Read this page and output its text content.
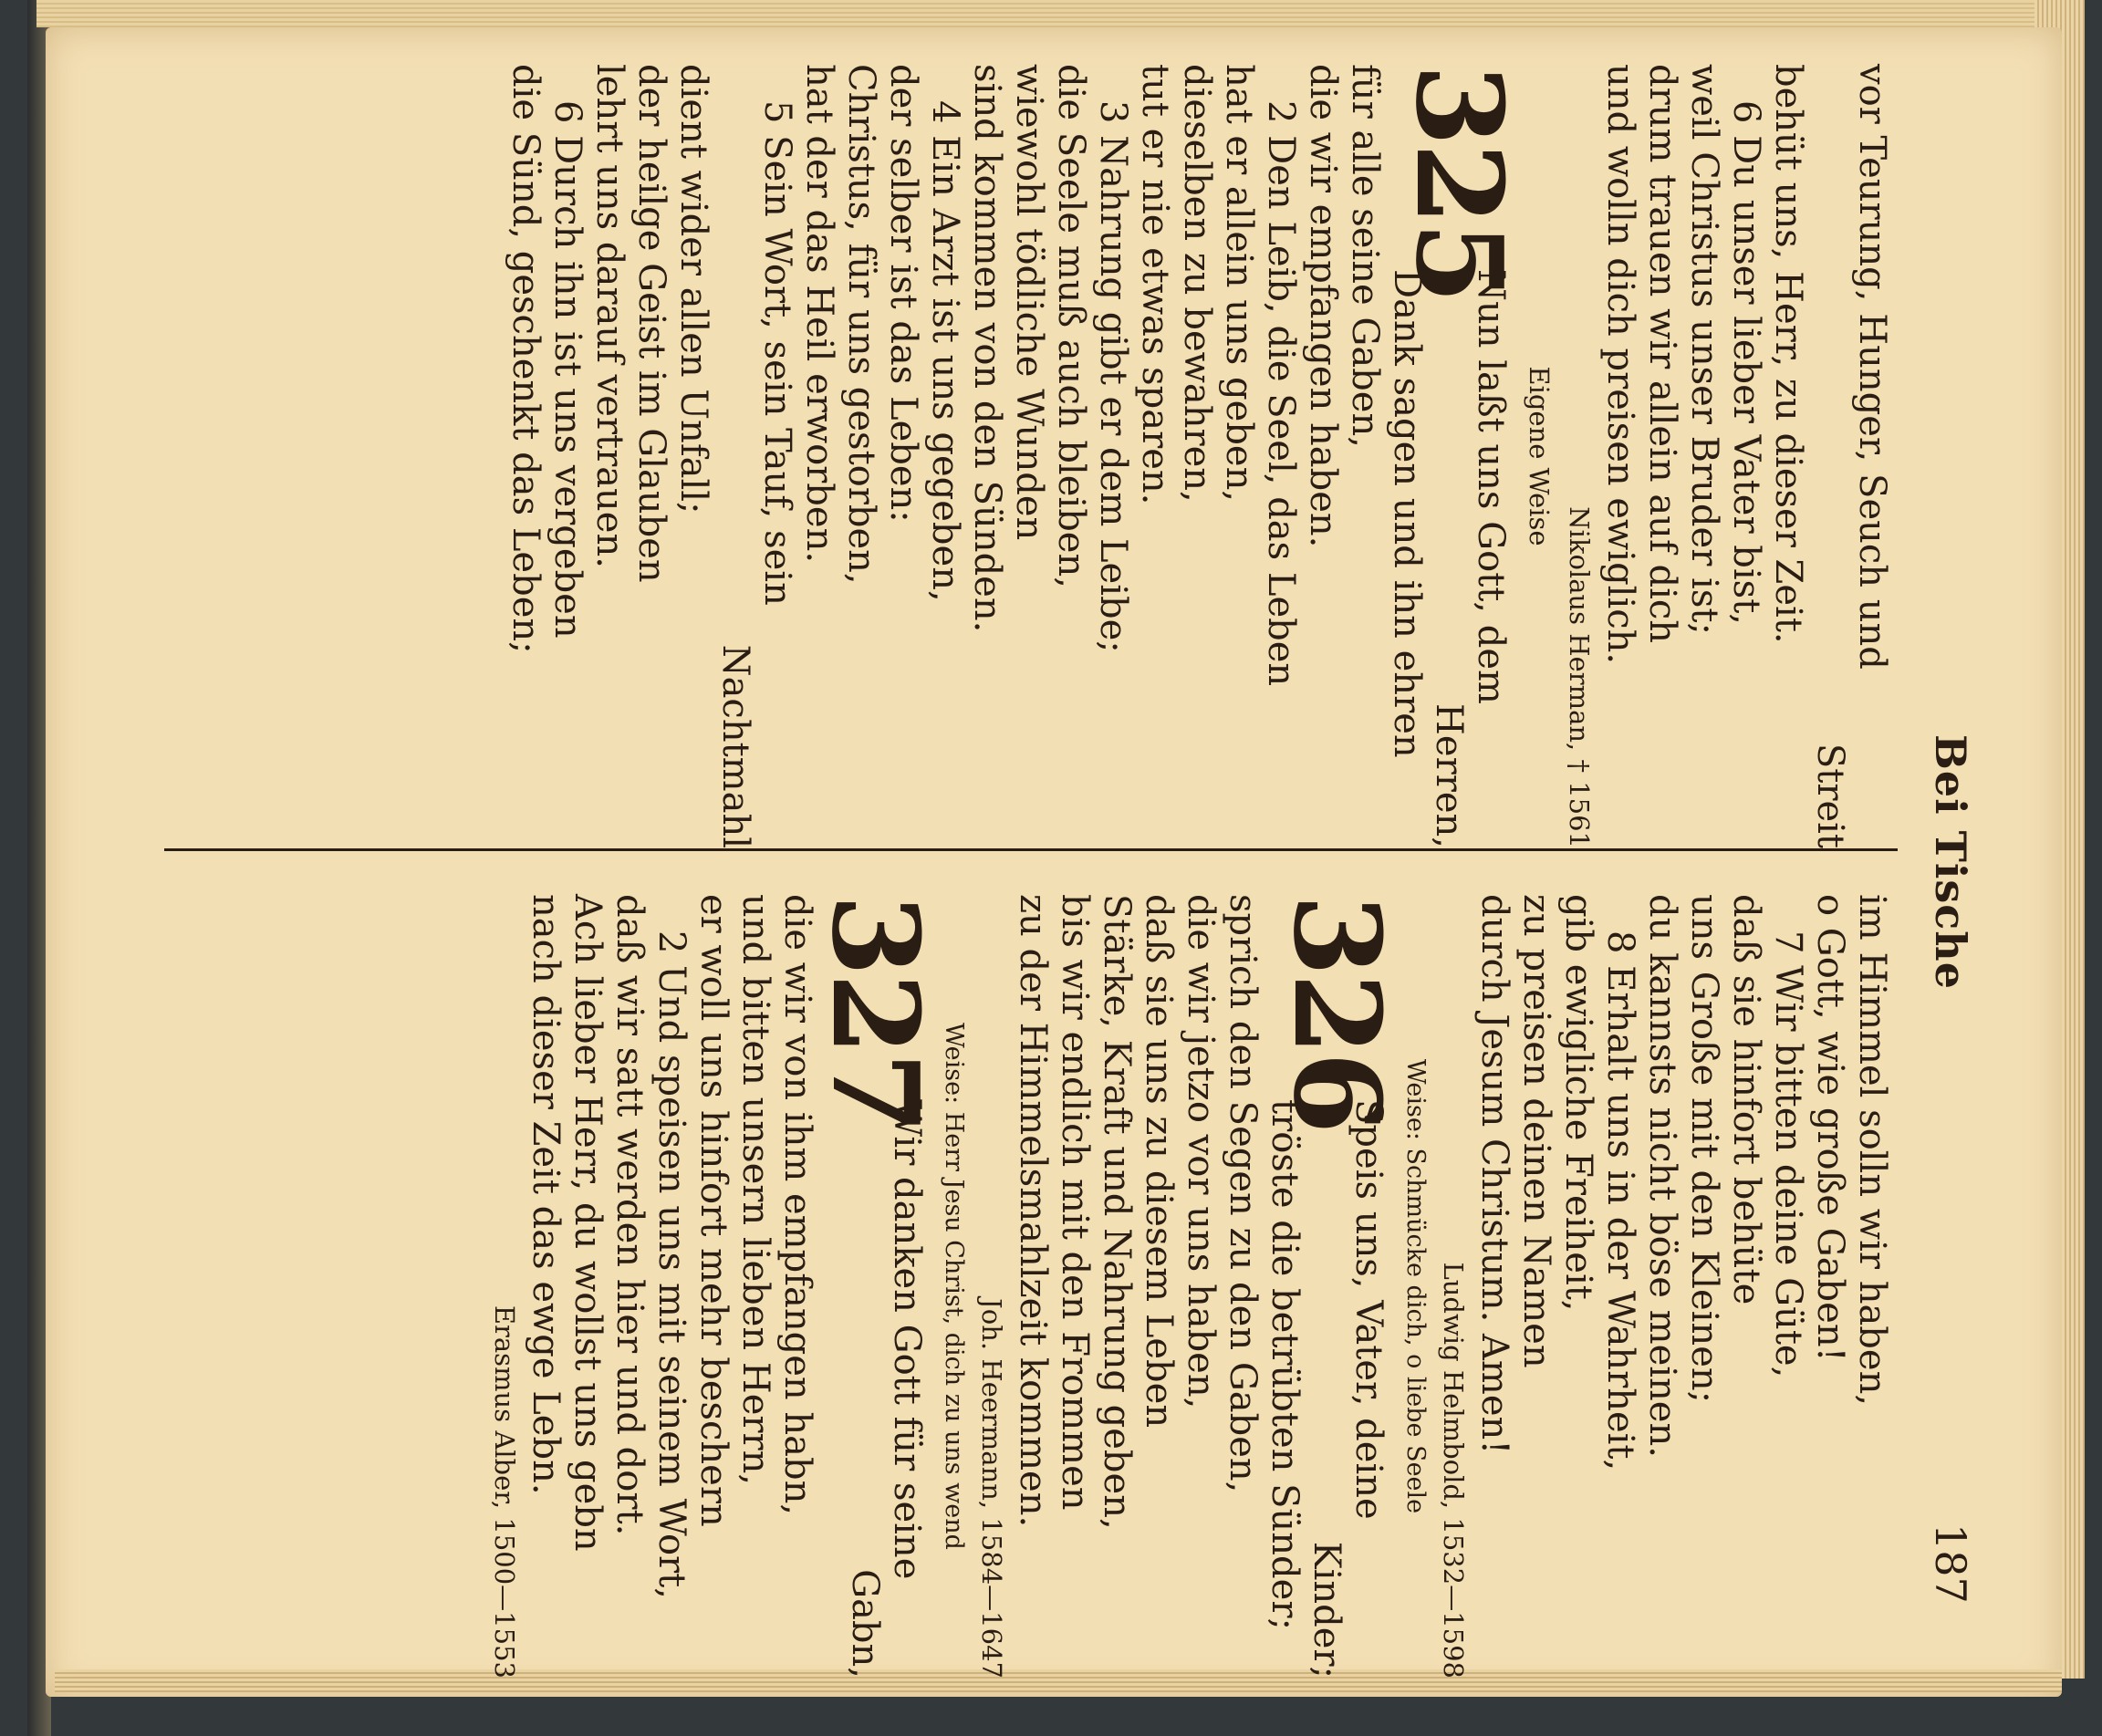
Bei Tische
187
vor Teurung, Hunger, Seuch und
Streit
behüt uns, Herr, zu dieser Zeit.
6 Du unser lieber Vater bist,
weil Christus unser Bruder ist;
drum trauen wir allein auf dich
und wolln dich preisen ewiglich.
Nikolaus Herman, † 1561
Eigene Weise
325
Nun laßt uns Gott, dem
Herren,
Dank sagen und ihn ehren
für alle seine Gaben,
die wir empfangen haben.
2 Den Leib, die Seel, das Leben
hat er allein uns geben,
dieselben zu bewahren,
tut er nie etwas sparen.
3 Nahrung gibt er dem Leibe;
die Seele muß auch bleiben,
wiewohl tödliche Wunden
sind kommen von den Sünden.
4 Ein Arzt ist uns gegeben,
der selber ist das Leben:
Christus, für uns gestorben,
hat der das Heil erworben.
5 Sein Wort, sein Tauf, sein
Nachtmahl
dient wider allen Unfall;
der heilge Geist im Glauben
lehrt uns darauf vertrauen.
6 Durch ihn ist uns vergeben
die Sünd, geschenkt das Leben;
im Himmel solln wir haben,
o Gott, wie große Gaben!
7 Wir bitten deine Güte,
daß sie hinfort behüte
uns Große mit den Kleinen;
du kannsts nicht böse meinen.
8 Erhalt uns in der Wahrheit,
gib ewigliche Freiheit,
zu preisen deinen Namen
durch Jesum Christum. Amen!
Ludwig Helmbold, 1532—1598
Weise: Schmücke dich, o liebe Seele
326
Speis uns, Vater, deine
Kinder;
tröste die betrübten Sünder;
sprich den Segen zu den Gaben,
die wir jetzo vor uns haben,
daß sie uns zu diesem Leben
Stärke, Kraft und Nahrung geben,
bis wir endlich mit den Frommen
zu der Himmelsmahlzeit kommen.
Joh. Heermann, 1584—1647
Weise: Herr Jesu Christ, dich zu uns wend
327
Wir danken Gott für seine
Gabn,
die wir von ihm empfangen habn,
und bitten unsern lieben Herrn,
er woll uns hinfort mehr beschern
2 Und speisen uns mit seinem Wort,
daß wir satt werden hier und dort.
Ach lieber Herr, du wollst uns gebn
nach dieser Zeit das ewge Lebn.
Erasmus Alber, 1500—1553
